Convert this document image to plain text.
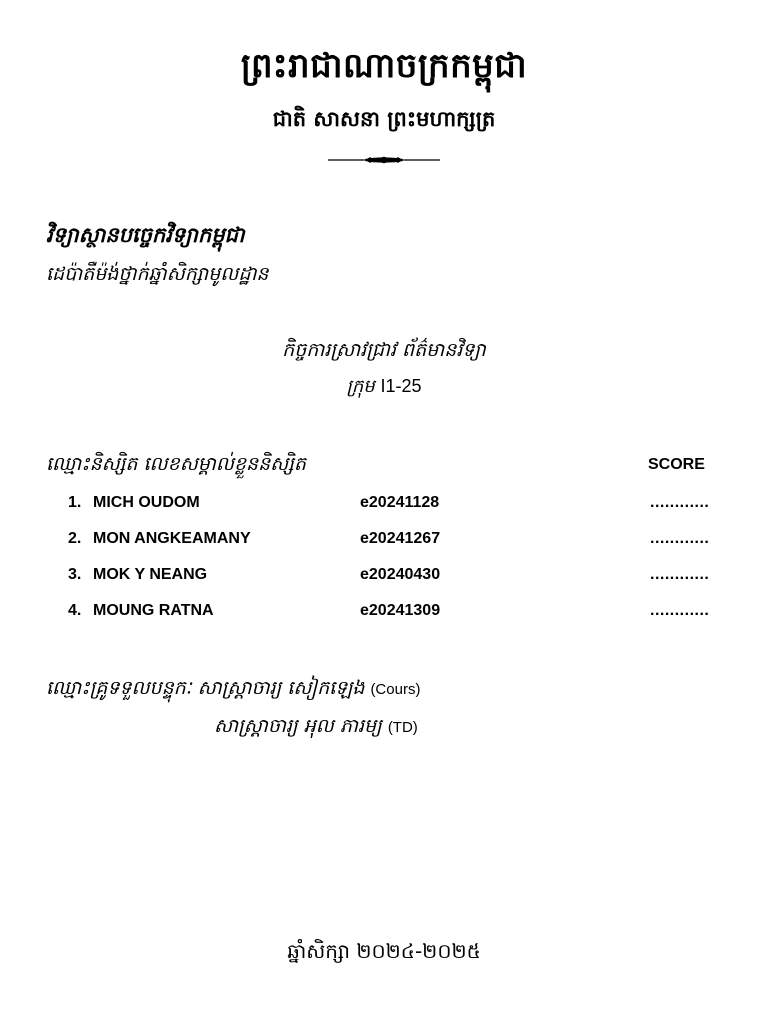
ព្រះរាជាណាចក្រកម្ពុជា
ជាតិ សាសនា ព្រះមហាក្សត្រ
វិទ្យាស្ថានបច្ចេកវិទ្យាកម្ពុជា
ដេប៉ាតឺម៉ង់ថ្នាក់ឆ្នាំសិក្សាមូលដ្ឋាន
កិច្ចការស្រាវជ្រាវ ព័ត៌មានវិទ្យា
ក្រុម I1-25
ឈ្មោះនិស្សិត លេខសម្គាល់ខ្លួននិស្សិត	SCORE
1. MICH OUDOM	e20241128	............
2. MON ANGKEAMANY	e20241267	............
3. MOK Y NEANG	e20240430	............
4. MOUNG RATNA	e20241309	............
ឈ្មោះគ្រូទទួលបន្ទុកៈ សាស្ត្រាចារ្យ សៀកឡេង (Cours)
សាស្ត្រាចារ្យ អុល ភារម្យ (TD)
ឆ្នាំសិក្សា ២០២៤-២០២៥
